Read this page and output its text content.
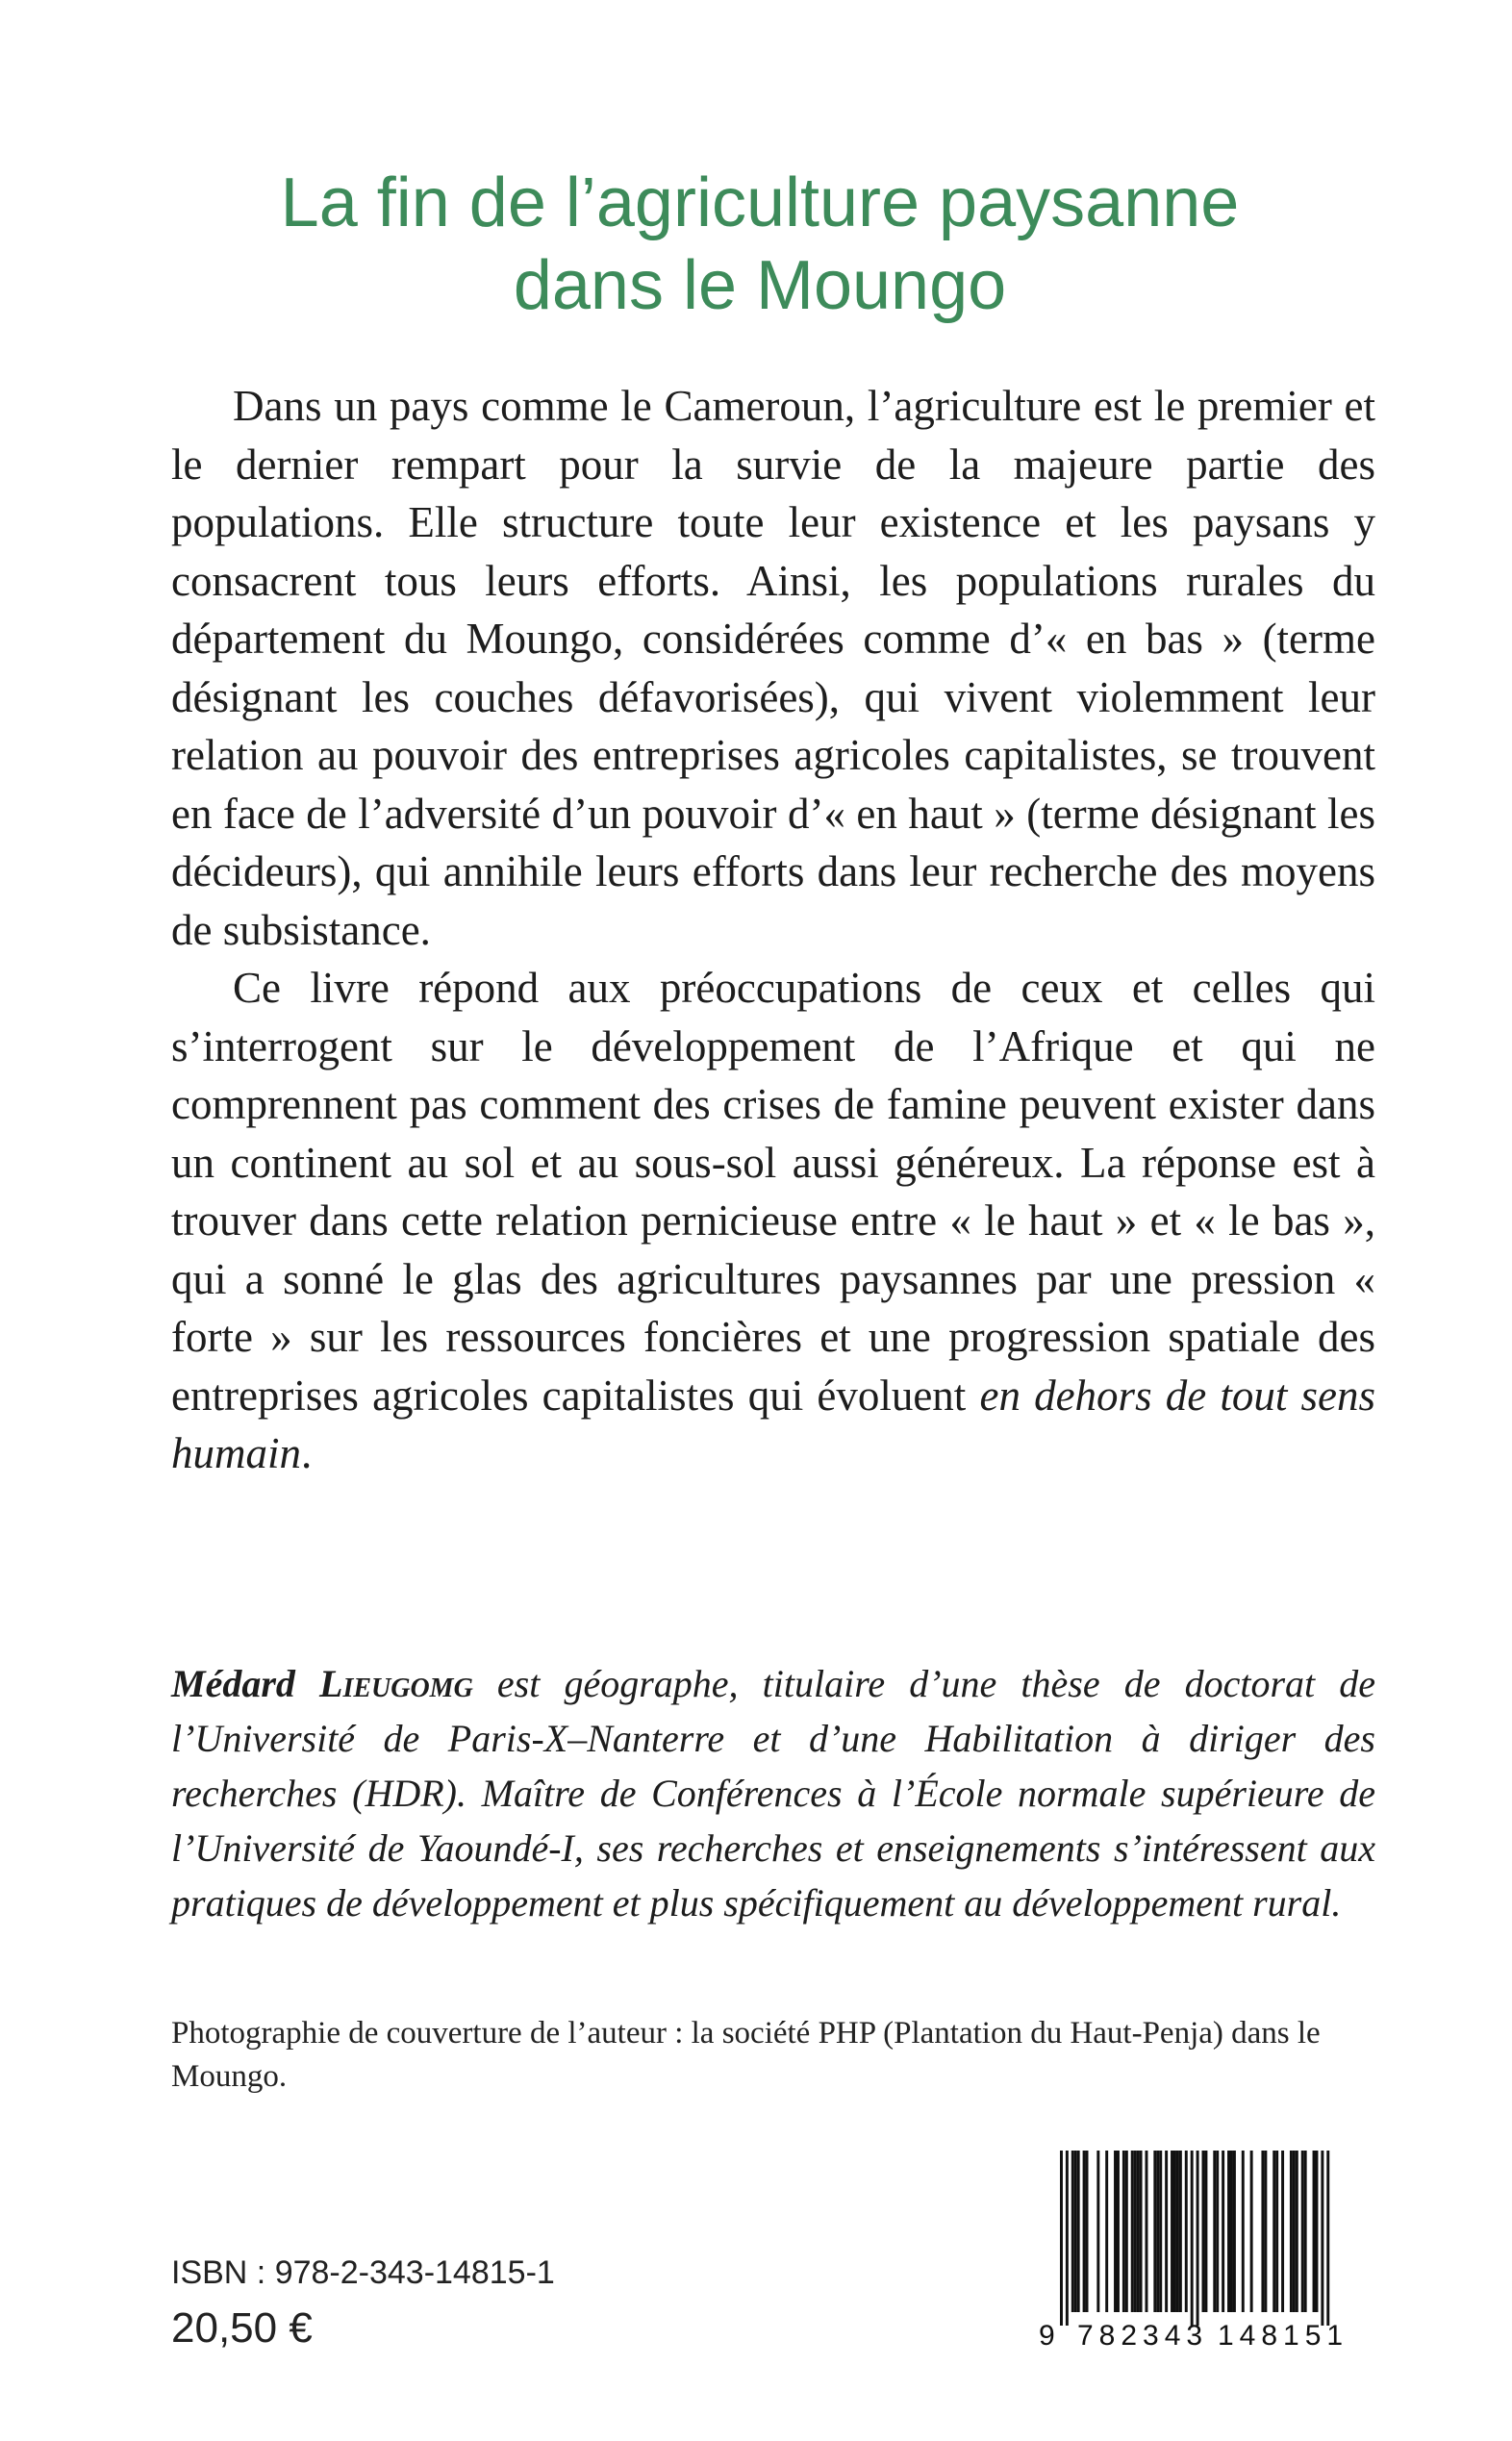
La fin de l’agriculture paysanne
dans le Moungo

Dans un pays comme le Cameroun, l’agriculture est le premier et le dernier rempart pour la survie de la majeure partie des populations. Elle structure toute leur existence et les paysans y consacrent tous leurs efforts. Ainsi, les populations rurales du département du Moungo, considérées comme d’« en bas » (terme désignant les couches défavorisées), qui vivent violemment leur relation au pouvoir des entreprises agricoles capitalistes, se trouvent en face de l’adversité d’un pouvoir d’« en haut » (terme désignant les décideurs), qui annihile leurs efforts dans leur recherche des moyens de subsistance.

Ce livre répond aux préoccupations de ceux et celles qui s’interrogent sur le développement de l’Afrique et qui ne comprennent pas comment des crises de famine peuvent exister dans un continent au sol et au sous-sol aussi généreux. La réponse est à trouver dans cette relation pernicieuse entre « le haut » et « le bas », qui a sonné le glas des agricultures paysannes par une pression « forte » sur les ressources foncières et une progression spatiale des entreprises agricoles capitalistes qui évoluent en dehors de tout sens humain.

Médard Lieugomg est géographe, titulaire d’une thèse de doctorat de l’Université de Paris-X–Nanterre et d’une Habilitation à diriger des recherches (HDR). Maître de Conférences à l’École normale supérieure de l’Université de Yaoundé-I, ses recherches et enseignements s’intéressent aux pratiques de développement et plus spécifiquement au développement rural.

Photographie de couverture de l’auteur : la société PHP (Plantation du Haut-Penja) dans le Moungo.

ISBN : 978-2-343-14815-1
20,50 €	9 782343 148151
